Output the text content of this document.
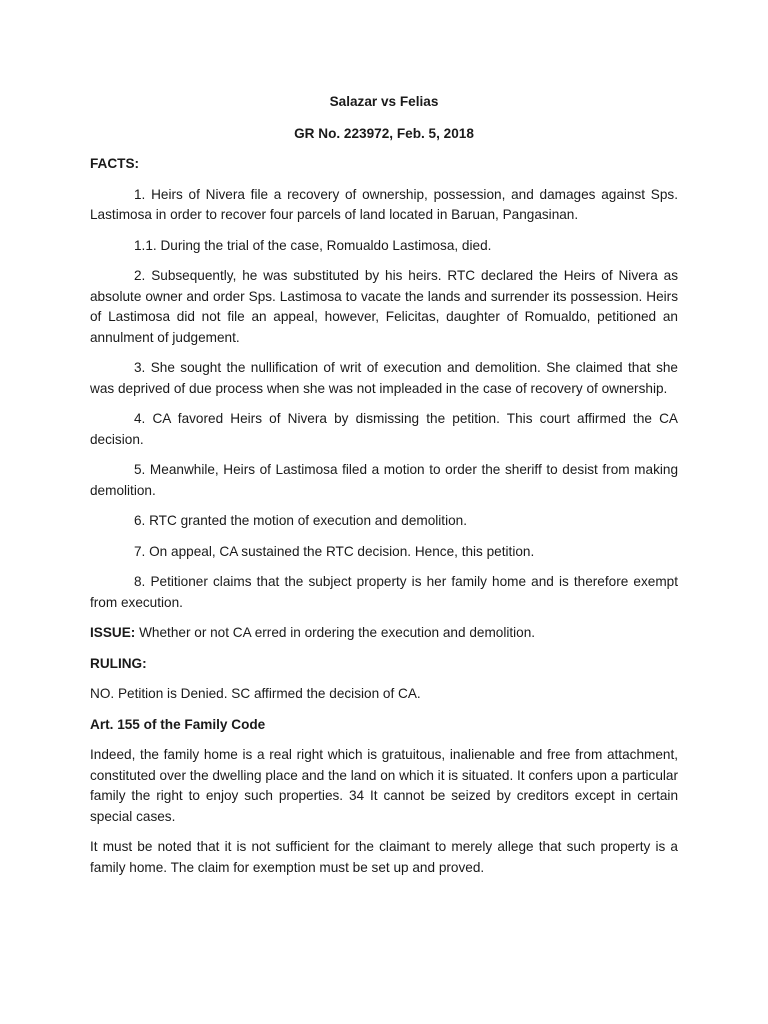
Salazar vs Felias
GR No. 223972, Feb. 5, 2018
FACTS:

1. Heirs of Nivera file a recovery of ownership, possession, and damages against Sps. Lastimosa in order to recover four parcels of land located in Baruan, Pangasinan.

1.1. During the trial of the case, Romualdo Lastimosa, died.

2. Subsequently, he was substituted by his heirs. RTC declared the Heirs of Nivera as absolute owner and order Sps. Lastimosa to vacate the lands and surrender its possession. Heirs of Lastimosa did not file an appeal, however, Felicitas, daughter of Romualdo, petitioned an annulment of judgement.

3. She sought the nullification of writ of execution and demolition. She claimed that she was deprived of due process when she was not impleaded in the case of recovery of ownership.

4. CA favored Heirs of Nivera by dismissing the petition. This court affirmed the CA decision.

5. Meanwhile, Heirs of Lastimosa filed a motion to order the sheriff to desist from making demolition.

6. RTC granted the motion of execution and demolition.

7. On appeal, CA sustained the RTC decision. Hence, this petition.

8. Petitioner claims that the subject property is her family home and is therefore exempt from execution.

ISSUE: Whether or not CA erred in ordering the execution and demolition.

RULING:

NO. Petition is Denied. SC affirmed the decision of CA.

Art. 155 of the Family Code

Indeed, the family home is a real right which is gratuitous, inalienable and free from attachment, constituted over the dwelling place and the land on which it is situated. It confers upon a particular family the right to enjoy such properties. 34 It cannot be seized by creditors except in certain special cases.

It must be noted that it is not sufficient for the claimant to merely allege that such property is a family home. The claim for exemption must be set up and proved.
